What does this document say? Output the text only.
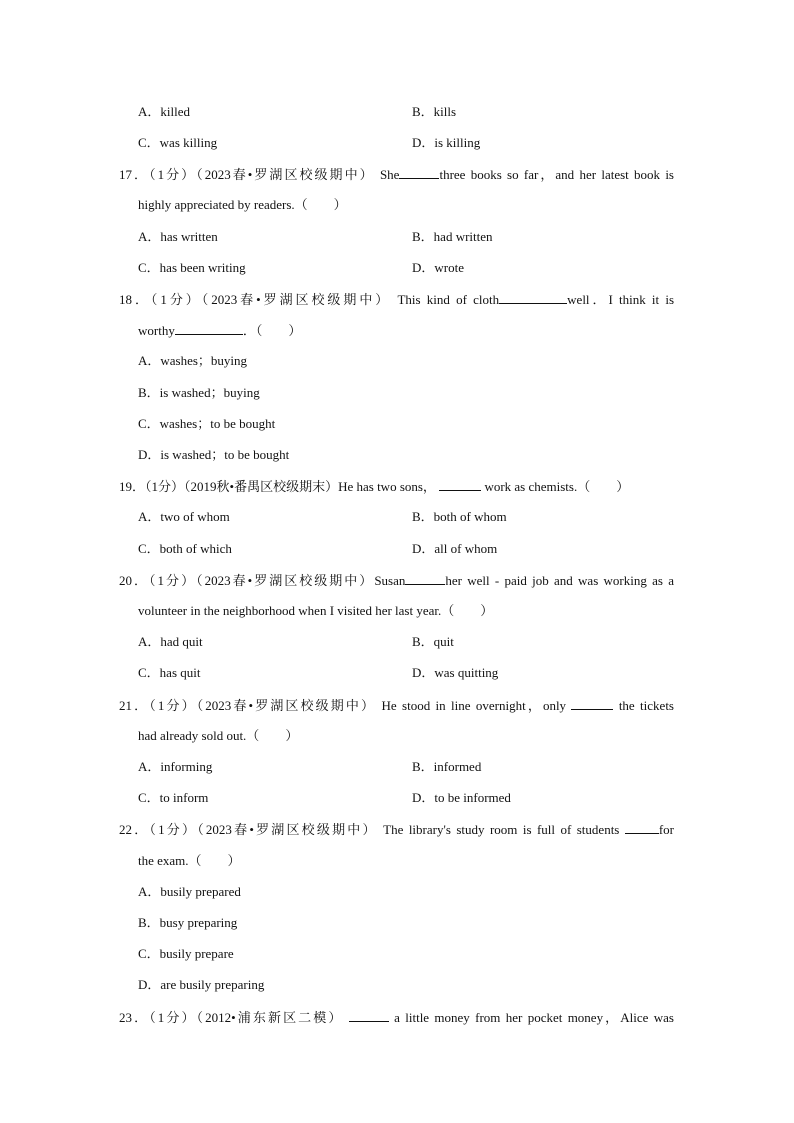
A．killed	B．kills
C．was killing	D．is killing
17．（1分）（2023春•罗湖区校级期中） She	three books so far，and her latest book is
highly appreciated by readers.（ ）
A．has written	B．had written
C．has been writing	D．wrote
18．（1分）（2023春•罗湖区校级期中） This kind of cloth	well．I think it is
worthy	．（ ）
A．washes；buying
B．is washed；buying
C．washes；to be bought
D．is washed；to be bought
19．（1分）（2019秋•番禺区校级期末）He has two sons，	work as chemists.（ ）
A．two of whom	B．both of whom
C．both of which	D．all of whom
20．（1分）（2023春•罗湖区校级期中）Susan	her well - paid job and was working as a
volunteer in the neighborhood when I visited her last year.（ ）
A．had quit	B．quit
C．has quit	D．was quitting
21．（1分）（2023春•罗湖区校级期中） He stood in line overnight，only	the tickets
had already sold out.（ ）
A．informing	B．informed
C．to inform	D．to be informed
22．（1分）（2023春•罗湖区校级期中） The library's study room is full of students	for
the exam.（ ）
A．busily prepared
B．busy preparing
C．busily prepare
D．are busily preparing
23．（1分）（2012•浦东新区二模）	a little money from her pocket money，Alice was
